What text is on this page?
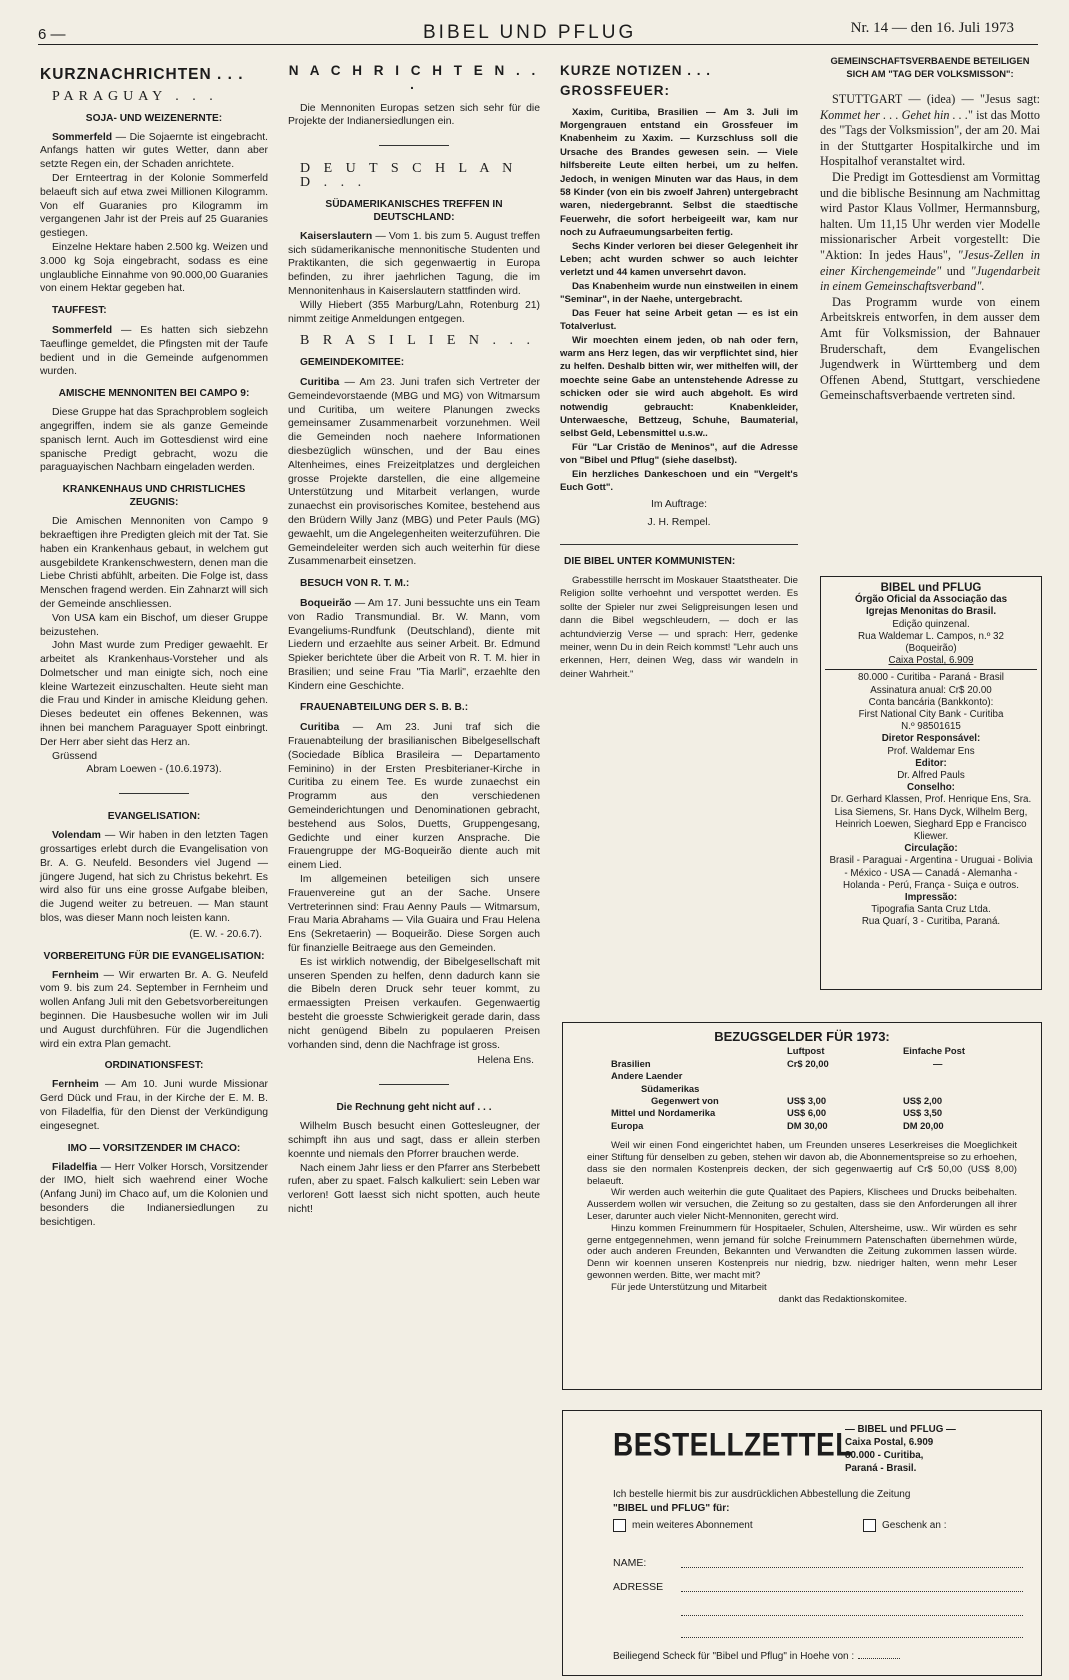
6 —	BIBEL UND PFLUG	Nr. 14 — den 16. Juli 1973
KURZNACHRICHTEN . . .
PARAGUAY . . .
SOJA- UND WEIZENERNTE:

Sommerfeld — Die Sojaernte ist eingebracht. Anfangs hatten wir gutes Wetter, dann aber setzte Regen ein, der Schaden anrichtete.

Der Ernteertrag in der Kolonie Sommerfeld belaeuft sich auf etwa zwei Millionen Kilogramm. Von elf Guaranies pro Kilogramm im vergangenen Jahr ist der Preis auf 25 Guaranies gestiegen.

Einzelne Hektare haben 2.500 kg. Weizen und 3.000 kg Soja eingebracht, sodass es eine unglaubliche Einnahme von 90.000,00 Guaranies von einem Hektar gegeben hat.

TAUFFEST:

Sommerfeld — Es hatten sich siebzehn Taeuflinge gemeldet, die Pfingsten mit der Taufe bedient und in die Gemeinde aufgenommen wurden.

AMISCHE MENNONITEN BEI CAMPO 9:

Diese Gruppe hat das Sprachproblem sogleich angegriffen, indem sie als ganze Gemeinde spanisch lernt. Auch im Gottesdienst wird eine spanische Predigt gebracht, wozu die paraguayischen Nachbarn eingeladen werden.

KRANKENHAUS UND CHRISTLICHES ZEUGNIS:

Die Amischen Mennoniten von Campo 9 bekraeftigen ihre Predigten gleich mit der Tat. Sie haben ein Krankenhaus gebaut, in welchem gut ausgebildete Krankenschwestern, denen man die Liebe Christi abfühlt, arbeiten. Die Folge ist, dass Menschen fragend werden. Ein Zahnarzt will sich der Gemeinde anschliessen.

Von USA kam ein Bischof, um dieser Gruppe beizustehen.

John Mast wurde zum Prediger gewaehlt. Er arbeitet als Krankenhaus-Vorsteher und als Dolmetscher und man einigte sich, noch eine kleine Wartezeit einzuschalten. Heute sieht man die Frau und Kinder in amische Kleidung gehen. Dieses bedeutet ein offenes Bekennen, was ihnen bei manchem Paraguayer Spott einbringt. Der Herr aber sieht das Herz an.

Grüssend
Abram Loewen - (10.6.1973).
EVANGELISATION:

Volendam — Wir haben in den letzten Tagen grossartiges erlebt durch die Evangelisation von Br. A. G. Neufeld. Besonders viel Jugend — jüngere Jugend, hat sich zu Christus bekehrt. Es wird also für uns eine grosse Aufgabe bleiben, die Jugend weiter zu betreuen. — Man staunt blos, was dieser Mann noch leisten kann.

(E. W. - 20.6.7).
VORBEREITUNG FÜR DIE EVANGELISATION:

Fernheim — Wir erwarten Br. A. G. Neufeld vom 9. bis zum 24. September in Fernheim und wollen Anfang Juli mit den Gebetsvorbereitungen beginnen. Die Hausbesuche wollen wir im Juli und August durchführen. Für die Jugendlichen wird ein extra Plan gemacht.

ORDINATIONSFEST:

Fernheim — Am 10. Juni wurde Missionar Gerd Dück und Frau, in der Kirche der E. M. B. von Filadelfia, für den Dienst der Verkündigung eingesegnet.

IMO — VORSITZENDER IM CHACO:

Filadelfia — Herr Volker Horsch, Vorsitzender der IMO, hielt sich waehrend einer Woche (Anfang Juni) im Chaco auf, um die Kolonien und besonders die Indianersiedlungen zu besichtigen.

N A C H R I C H T E N . . .

Die Mennoniten Europas setzen sich sehr für die Projekte der Indianersiedlungen ein.

D E U T S C H L A N D . . .
SÜDAMERIKANISCHES TREFFEN IN DEUTSCHLAND:

Kaiserslautern — Vom 1. bis zum 5. August treffen sich südamerikanische mennonitische Studenten und Praktikanten, die sich gegenwaertig in Europa befinden, zu ihrer jaehrlichen Tagung, die im Mennonitenhaus in Kaiserslautern stattfinden wird.

Willy Hiebert (355 Marburg/Lahn, Rotenburg 21) nimmt zeitige Anmeldungen entgegen.

B R A S I L I E N . . .
GEMEINDEKOMITEE:

Curitiba — Am 23. Juni trafen sich Vertreter der Gemeindevorstaende (MBG und MG) von Witmarsum und Curitiba, um weitere Planungen zwecks gemeinsamer Zusammenarbeit vorzunehmen. Weil die Gemeinden noch naehere Informationen diesbezüglich wünschen, und der Bau eines Altenheimes, eines Freizeitplatzes und dergleichen grosse Projekte darstellen, die eine allgemeine Unterstützung und Mitarbeit verlangen, wurde zunaechst ein provisorisches Komitee, bestehend aus den Brüdern Willy Janz (MBG) und Peter Pauls (MG) gewaehlt, um die Angelegenheiten weiterzuführen. Die Gemeindeleiter werden sich auch weiterhin für diese Zusammenarbeit einsetzen.

BESUCH VON R. T. M.:

Boqueirão — Am 17. Juni bessuchte uns ein Team von Radio Transmundial. Br. W. Mann, vom Evangeliums-Rundfunk (Deutschland), diente mit Liedern und erzaehlte aus seiner Arbeit. Br. Edmund Spieker berichtete über die Arbeit von R. T. M. hier in Brasilien; und seine Frau "Tia Marli", erzaehlte den Kindern eine Geschichte.

FRAUENABTEILUNG DER S. B. B.:

Curitiba — Am 23. Juni traf sich die Frauenabteilung der brasilianischen Bibelgesellschaft (Sociedade Bíblica Brasileira — Departamento Feminino) in der Ersten Presbiterianer-Kirche in Curitiba zu einem Tee. Es wurde zunaechst ein Programm aus den verschiedenen Gemeinderichtungen und Denominationen gebracht, bestehend aus Solos, Duetts, Gruppengesang, Gedichte und einer kurzen Ansprache. Die Frauengruppe der MG-Boqueirão diente auch mit einem Lied.

Im allgemeinen beteiligen sich unsere Frauenvereine gut an der Sache. Unsere Vertreterinnen sind: Frau Aenny Pauls — Witmarsum, Frau Maria Abrahams — Vila Guaira und Frau Helena Ens (Sekretaerin) — Boqueirão. Diese Sorgen auch für finanzielle Beitraege aus den Gemeinden.

Es ist wirklich notwendig, der Bibelgesellschaft mit unseren Spenden zu helfen, denn dadurch kann sie die Bibeln deren Druck sehr teuer kommt, zu ermaessigten Preisen verkaufen. Gegenwaertig besteht die groesste Schwierigkeit gerade darin, dass nicht genügend Bibeln zu populaeren Preisen vorhanden sind, denn die Nachfrage ist gross.

Helena Ens.
Die Rechnung geht nicht auf . . .

Wilhelm Busch besucht einen Gottesleugner, der schimpft ihn aus und sagt, dass er allein sterben koennte und niemals den Pforrer brauchen werde.

Nach einem Jahr liess er den Pfarrer ans Sterbebett rufen, aber zu spaet. Falsch kalkuliert: sein Leben war verloren! Gott laesst sich nicht spotten, auch heute nicht!

KURZE NOTIZEN . . .
GROSSFEUER:

Xaxim, Curitiba, Brasilien — Am 3. Juli im Morgengrauen entstand ein Grossfeuer im Knabenheim zu Xaxim. — Kurzschluss soll die Ursache des Brandes gewesen sein. — Viele hilfsbereite Leute eilten herbei, um zu helfen. Jedoch, in wenigen Minuten war das Haus, in dem 58 Kinder (von ein bis zwoelf Jahren) untergebracht waren, niedergebrannt. Selbst die staedtische Feuerwehr, die sofort herbeigeeilt war, kam nur noch zu Aufraeumungsarbeiten fertig.

Sechs Kinder verloren bei dieser Gelegenheit ihr Leben; acht wurden schwer so auch leichter verletzt und 44 kamen unversehrt davon.

Das Knabenheim wurde nun einstweilen in einem "Seminar", in der Naehe, untergebracht.

Das Feuer hat seine Arbeit getan — es ist ein Totalverlust.

Wir moechten einem jeden, ob nah oder fern, warm ans Herz legen, das wir verpflichtet sind, hier zu helfen. Deshalb bitten wir, wer mithelfen will, der moechte seine Gabe an untenstehende Adresse zu schicken oder sie wird auch abgeholt. Es wird notwendig gebraucht: Knabenkleider, Unterwaesche, Bettzeug, Schuhe, Baumaterial, selbst Geld, Lebensmittel u.s.w..

Für "Lar Cristão de Meninos", auf die Adresse von "Bibel und Pflug" (siehe daselbst).

Ein herzliches Dankeschoen und ein "Vergelt's Euch Gott".

Im Auftrage:
J. H. Rempel.
DIE BIBEL UNTER KOMMUNISTEN:

Grabesstille herrscht im Moskauer Staatstheater. Die Religion sollte verhoehnt und verspottet werden. Es sollte der Spieler nur zwei Seligpreisungen lesen und dann die Bibel wegschleudern, — doch er las achtundvierzig Verse — und sprach: Herr, gedenke meiner, wenn Du in dein Reich kommst! "Lehr auch uns erkennen, Herr, deinen Weg, dass wir wandeln in deiner Wahrheit."

GEMEINSCHAFTSVERBAENDE BETEILIGEN SICH AM "TAG DER VOLKSMISSON":

STUTTGART — (idea) — "Jesus sagt: Kommet her . . . Gehet hin . . ." ist das Motto des "Tags der Volksmission", der am 20. Mai in der Stuttgarter Hospitalkirche und im Hospitalhof veranstaltet wird.

Die Predigt im Gottesdienst am Vormittag und die biblische Besinnung am Nachmittag wird Pastor Klaus Vollmer, Hermannsburg, halten. Um 11,15 Uhr werden vier Modelle missionarischer Arbeit vorgestellt: Die "Aktion: In jedes Haus", "Jesus-Zellen in einer Kirchengemeinde" und "Jugendarbeit in einem Gemeinschaftsverband".

Das Programm wurde von einem Arbeitskreis entworfen, in dem ausser dem Amt für Volksmission, der Bahnauer Bruderschaft, dem Evangelischen Jugendwerk in Württemberg und dem Offenen Abend, Stuttgart, verschiedene Gemeinschaftsverbaende vertreten sind.

BIBEL und PFLUG
Órgão Oficial da Associação das
Igrejas Menonitas do Brasil.
Edição quinzenal.
Rua Waldemar L. Campos, n.º 32
(Boqueirão)
Caixa Postal, 6.909
80.000 - Curitiba - Paraná - Brasil
Assinatura anual: Cr$ 20.00
Conta bancária (Bankkonto):
First National City Bank - Curitiba
N.º 98501615
Diretor Responsável:
Prof. Waldemar Ens
Editor:
Dr. Alfred Pauls
Conselho:
Dr. Gerhard Klassen, Prof. Henrique Ens, Sra. Lisa Siemens, Sr. Hans Dyck, Wilhelm Berg, Heinrich Loewen, Sieghard Epp e Francisco Kliewer.
Circulação:
Brasil - Paraguai - Argentina - Uruguai - Bolivia - México - USA — Canadá - Alemanha - Holanda - Perú, França - Suiça e outros.
Impressão:
Tipografia Santa Cruz Ltda.
Rua Quarí, 3 - Curitiba, Paraná.
BEZUGSGELDER FÜR 1973:
	Luftpost	Einfache Post
Brasilien	Cr$ 20,00	—
Andere Laender		
Südamerikas		
Gegenwert von	US$ 3,00	US$ 2,00
Mittel und Nordamerika	US$ 6,00	US$ 3,50
Europa	DM 30,00	DM 20,00

Weil wir einen Fond eingerichtet haben, um Freunden unseres Leserkreises die Moeglichkeit einer Stiftung für denselben zu geben, stehen wir davon ab, die Abonnementspreise so zu erhoehen, dass sie den normalen Kostenpreis decken, der sich gegenwaertig auf Cr$ 50,00 (US$ 8,00) belaeuft.

Wir werden auch weiterhin die gute Qualitaet des Papiers, Klischees und Drucks beibehalten. Ausserdem wollen wir versuchen, die Zeitung so zu gestalten, dass sie den Anforderungen all ihrer Leser, darunter auch vieler Nicht-Mennoniten, gerecht wird.

Hinzu kommen Freinummern für Hospitaeler, Schulen, Altersheime, usw.. Wir würden es sehr gerne entgegennehmen, wenn jemand für solche Freinummern Patenschaften übernehmen würde, oder auch anderen Freunden, Bekannten und Verwandten die Zeitung zukommen lassen würde. Denn wir koennen unseren Kostenpreis nur niedrig, bzw. niedriger halten, wenn mehr Leser gewonnen werden. Bitte, wer macht mit?

Für jede Unterstützung und Mitarbeit

dankt das Redaktionskomitee.
BESTELLZETTEL
— BIBEL und PFLUG —
Caixa Postal, 6.909
80.000 - Curitiba,
Paraná - Brasil.
Ich bestelle hiermit bis zur ausdrücklichen Abbestellung die Zeitung
"BIBEL und PFLUG" für:
mein weiteres Abonnement	Geschenk an :
NAME:
ADRESSE
Beiliegend Scheck für "Bibel und Pflug" in Hoehe von :
